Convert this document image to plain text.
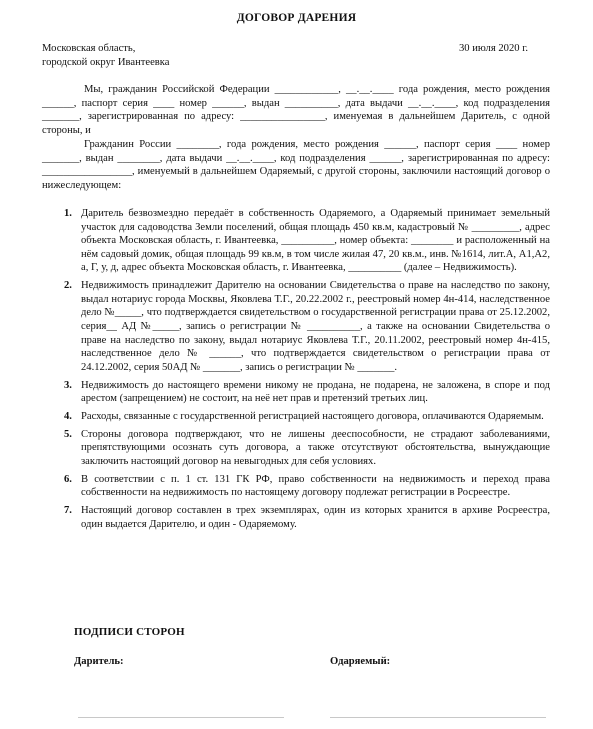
ДОГОВОР ДАРЕНИЯ
Московская область,
городской округ Ивантеевка
30 июля 2020 г.
Мы, гражданин Российской Федерации ____________, __.__.____ года рождения, место рождения ______, паспорт серия ____ номер ______, выдан __________, дата выдачи __.__.____, код подразделения _______, зарегистрированная по адресу: ________________, именуемая в дальнейшем Даритель, с одной стороны, и
Гражданин России ________, года рождения, место рождения ______, паспорт серия ____ номер _______, выдан ________, дата выдачи __.__.____, код подразделения ______, зарегистрированная по адресу: _________________, именуемый в дальнейшем Одаряемый, с другой стороны, заключили настоящий договор о нижеследующем:
1. Даритель безвозмездно передаёт в собственность Одаряемого, а Одаряемый принимает земельный участок для садоводства Земли поселений, общая площадь 450 кв.м, кадастровый № _________, адрес объекта Московская область, г. Ивантеевка, __________, номер объекта: ________ и расположенный на нём садовый домик, общая площадь 99 кв.м, в том числе жилая 47, 20 кв.м., инв. №1614, лит.А, А1,А2, а, Г, у, д, адрес объекта Московская область, г. Ивантеевка, __________ (далее – Недвижимость).
2. Недвижимость принадлежит Дарителю на основании Свидетельства о праве на наследство по закону, выдал нотариус города Москвы, Яковлева Т.Г., 20.22.2002 г., реестровый номер 4н-414, наследственное дело №_____, что подтверждается свидетельством о государственной регистрации права от 25.12.2002, серия__ АД №_____, запись о регистрации № __________, а также на основании Свидетельства о праве на наследство по закону, выдал нотариус Яковлева Т.Г., 20.11.2002, реестровый номер 4н-415, наследственное дело № ______, что подтверждается свидетельством о регистрации права от 24.12.2002, серия 50АД № _______, запись о регистрации № _______.
3. Недвижимость до настоящего времени никому не продана, не подарена, не заложена, в споре и под арестом (запрещением) не состоит, на неё нет прав и претензий третьих лиц.
4. Расходы, связанные с государственной регистрацией настоящего договора, оплачиваются Одаряемым.
5. Стороны договора подтверждают, что не лишены дееспособности, не страдают заболеваниями, препятствующими осознать суть договора, а также отсутствуют обстоятельства, вынуждающие заключить настоящий договор на невыгодных для себя условиях.
6. В соответствии с п. 1 ст. 131 ГК РФ, право собственности на недвижимость и переход права собственности на недвижимость по настоящему договору подлежат регистрации в Росреестре.
7. Настоящий договор составлен в трех экземплярах, один из которых хранится в архиве Росреестра, один выдается Дарителю, и один - Одаряемому.
ПОДПИСИ СТОРОН
Даритель:	Одаряемый:
